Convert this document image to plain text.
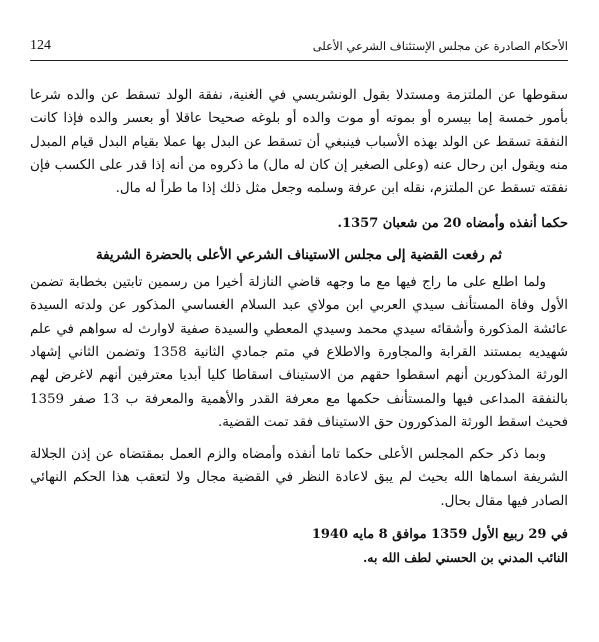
124	الأحكام الصادرة عن مجلس الإستئناف الشرعي الأعلى

سقوطها عن الملتزمة ومستدلا بقول الونشريسي في الغنية، نفقة الولد تسقط عن والده شرعا بأمور خمسة إما بيسره أو بموته أو موت والده أو بلوغه صحيحا عاقلا أو بعسر والده فإذا كانت النفقة تسقط عن الولد بهذه الأسباب فينبغي أن تسقط عن البدل بها عملا بقيام البدل قيام المبدل منه ويقول ابن رحال عنه (وعلى الصغير إن كان له مال) ما ذكروه من أنه إذا قدر على الكسب فإن نفقته تسقط عن الملتزم، نقله ابن عرفة وسلمه وجعل مثل ذلك إذا ما طرأ له مال.

حكما أنفذه وأمضاه 20 من شعبان 1357.

ثم رفعت القضية إلى مجلس الاستيناف الشرعي الأعلى بالحضرة الشريفة

ولما اطلع على ما راج فيها مع ما وجهه قاضي النازلة أخيرا من رسمين تابتين بخطابة تضمن الأول وفاة المستأنف سيدي العربي ابن مولاي عبد السلام الغساسي المذكور عن ولدته السيدة عائشة المذكورة وأشقائه سيدي محمد وسيدي المعطي والسيدة صفية لاوارث له سواهم في علم شهيديه بمستند القرابة والمجاورة والاطلاع في متم جمادي الثانية 1358 وتضمن الثاني إشهاد الورثة المذكورين أنهم اسقطوا حقهم من الاستيناف اسقاطا كليا أبديا معترفين أنهم لاغرض لهم بالنفقة المداعى فيها والمستأنف حكمها مع معرفة القدر والأهمية والمعرفة ب 13 صفر 1359 فحيث اسقط الورثة المذكورون حق الاستيناف فقد تمت القضية.

وبما ذكر حكم المجلس الأعلى حكما تاما أنفذه وأمضاه والزم العمل بمقتضاه عن إذن الجلالة الشريفة اسماها الله بحيث لم يبق لاعادة النظر في القضية مجال ولا لتعقب هذا الحكم النهائي الصادر فيها مقال بحال.

في 29 ربيع الأول 1359 موافق 8 مايه 1940

النائب المدني بن الحسني لطف الله به.
